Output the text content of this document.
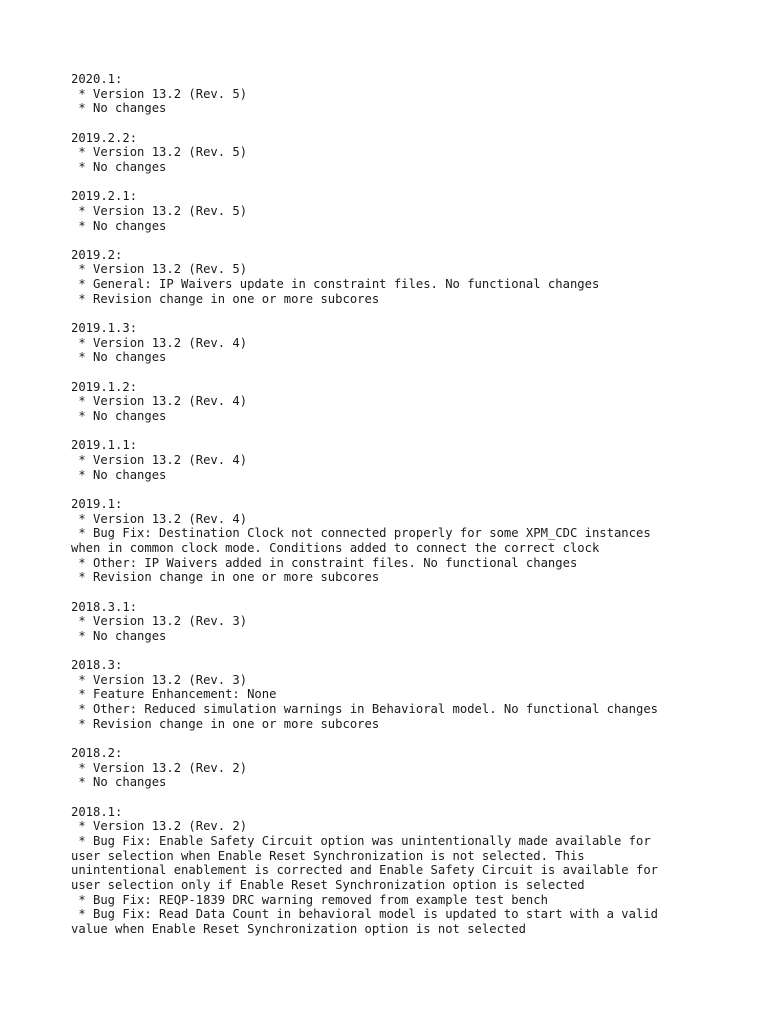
2020.1:
* Version 13.2 (Rev. 5)
* No changes
2019.2.2:
* Version 13.2 (Rev. 5)
* No changes
2019.2.1:
* Version 13.2 (Rev. 5)
* No changes
2019.2:
* Version 13.2 (Rev. 5)
* General: IP Waivers update in constraint files. No functional changes
* Revision change in one or more subcores
2019.1.3:
* Version 13.2 (Rev. 4)
* No changes
2019.1.2:
* Version 13.2 (Rev. 4)
* No changes
2019.1.1:
* Version 13.2 (Rev. 4)
* No changes
2019.1:
* Version 13.2 (Rev. 4)
* Bug Fix: Destination Clock not connected properly for some XPM_CDC instances
when in common clock mode. Conditions added to connect the correct clock
* Other: IP Waivers added in constraint files. No functional changes
* Revision change in one or more subcores
2018.3.1:
* Version 13.2 (Rev. 3)
* No changes
2018.3:
* Version 13.2 (Rev. 3)
* Feature Enhancement: None
* Other: Reduced simulation warnings in Behavioral model. No functional changes
* Revision change in one or more subcores
2018.2:
* Version 13.2 (Rev. 2)
* No changes
2018.1:
* Version 13.2 (Rev. 2)
* Bug Fix: Enable Safety Circuit option was unintentionally made available for
user selection when Enable Reset Synchronization is not selected. This
unintentional enablement is corrected and Enable Safety Circuit is available for
user selection only if Enable Reset Synchronization option is selected
* Bug Fix: REQP-1839 DRC warning removed from example test bench
* Bug Fix: Read Data Count in behavioral model is updated to start with a valid
value when Enable Reset Synchronization option is not selected
